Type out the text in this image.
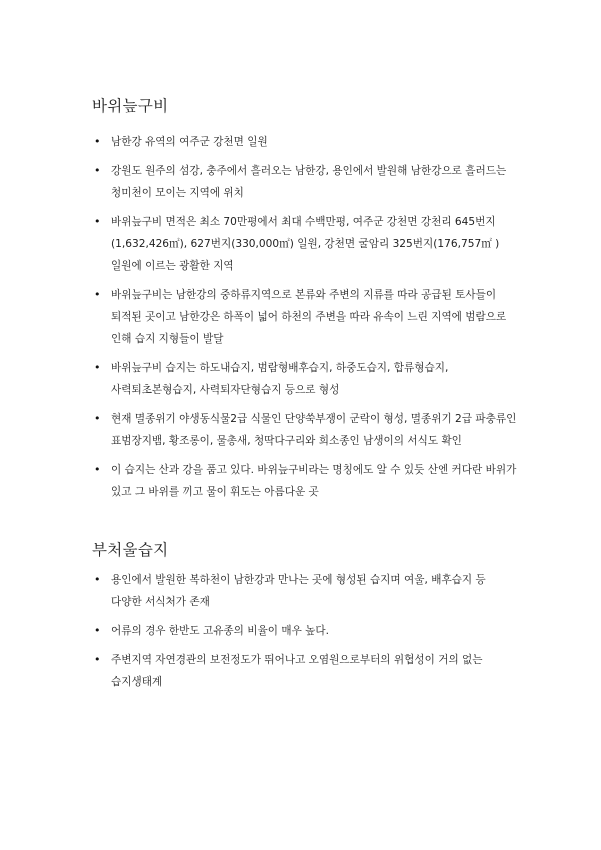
바위늪구비
• 남한강 유역의 여주군 강천면 일원
• 강원도 원주의 섬강, 충주에서 흘러오는 남한강, 용인에서 발원해 남한강으로 흘러드는 청미천이 모이는 지역에 위치
• 바위늪구비 면적은 최소 70만평에서 최대 수백만평, 여주군 강천면 강천리 645번지(1,632,426㎡), 627번지(330,000㎡) 일원, 강천면 굴암리 325번지(176,757㎡ )일원에 이르는 광활한 지역
• 바위늪구비는 남한강의 중하류지역으로 본류와 주변의 지류를 따라 공급된 토사들이 퇴적된 곳이고 남한강은 하폭이 넓어 하천의 주변을 따라 유속이 느린 지역에 범람으로 인해 습지 지형들이 발달
• 바위늪구비 습지는 하도내습지, 범람형배후습지, 하중도습지, 합류형습지, 사력퇴초본형습지, 사력퇴자단형습지 등으로 형성
• 현재 멸종위기 야생동식물2급 식물인 단양쑥부쟁이 군락이 형성, 멸종위기 2급 파충류인 표범장지뱀, 황조롱이, 물총새, 청딱다구리와 희소종인 남생이의 서식도 확인
• 이 습지는 산과 강을 품고 있다. 바위늪구비라는 명칭에도 알 수 있듯 산엔 커다란 바위가 있고 그 바위를 끼고 물이 휘도는 아름다운 곳
부처울습지
• 용인에서 발원한 복하천이 남한강과 만나는 곳에 형성된 습지며 여울, 배후습지 등 다양한 서식처가 존재
• 어류의 경우 한반도 고유종의 비율이 매우 높다.
• 주변지역 자연경관의 보전정도가 뛰어나고 오염원으로부터의 위협성이 거의 없는 습지생태계
